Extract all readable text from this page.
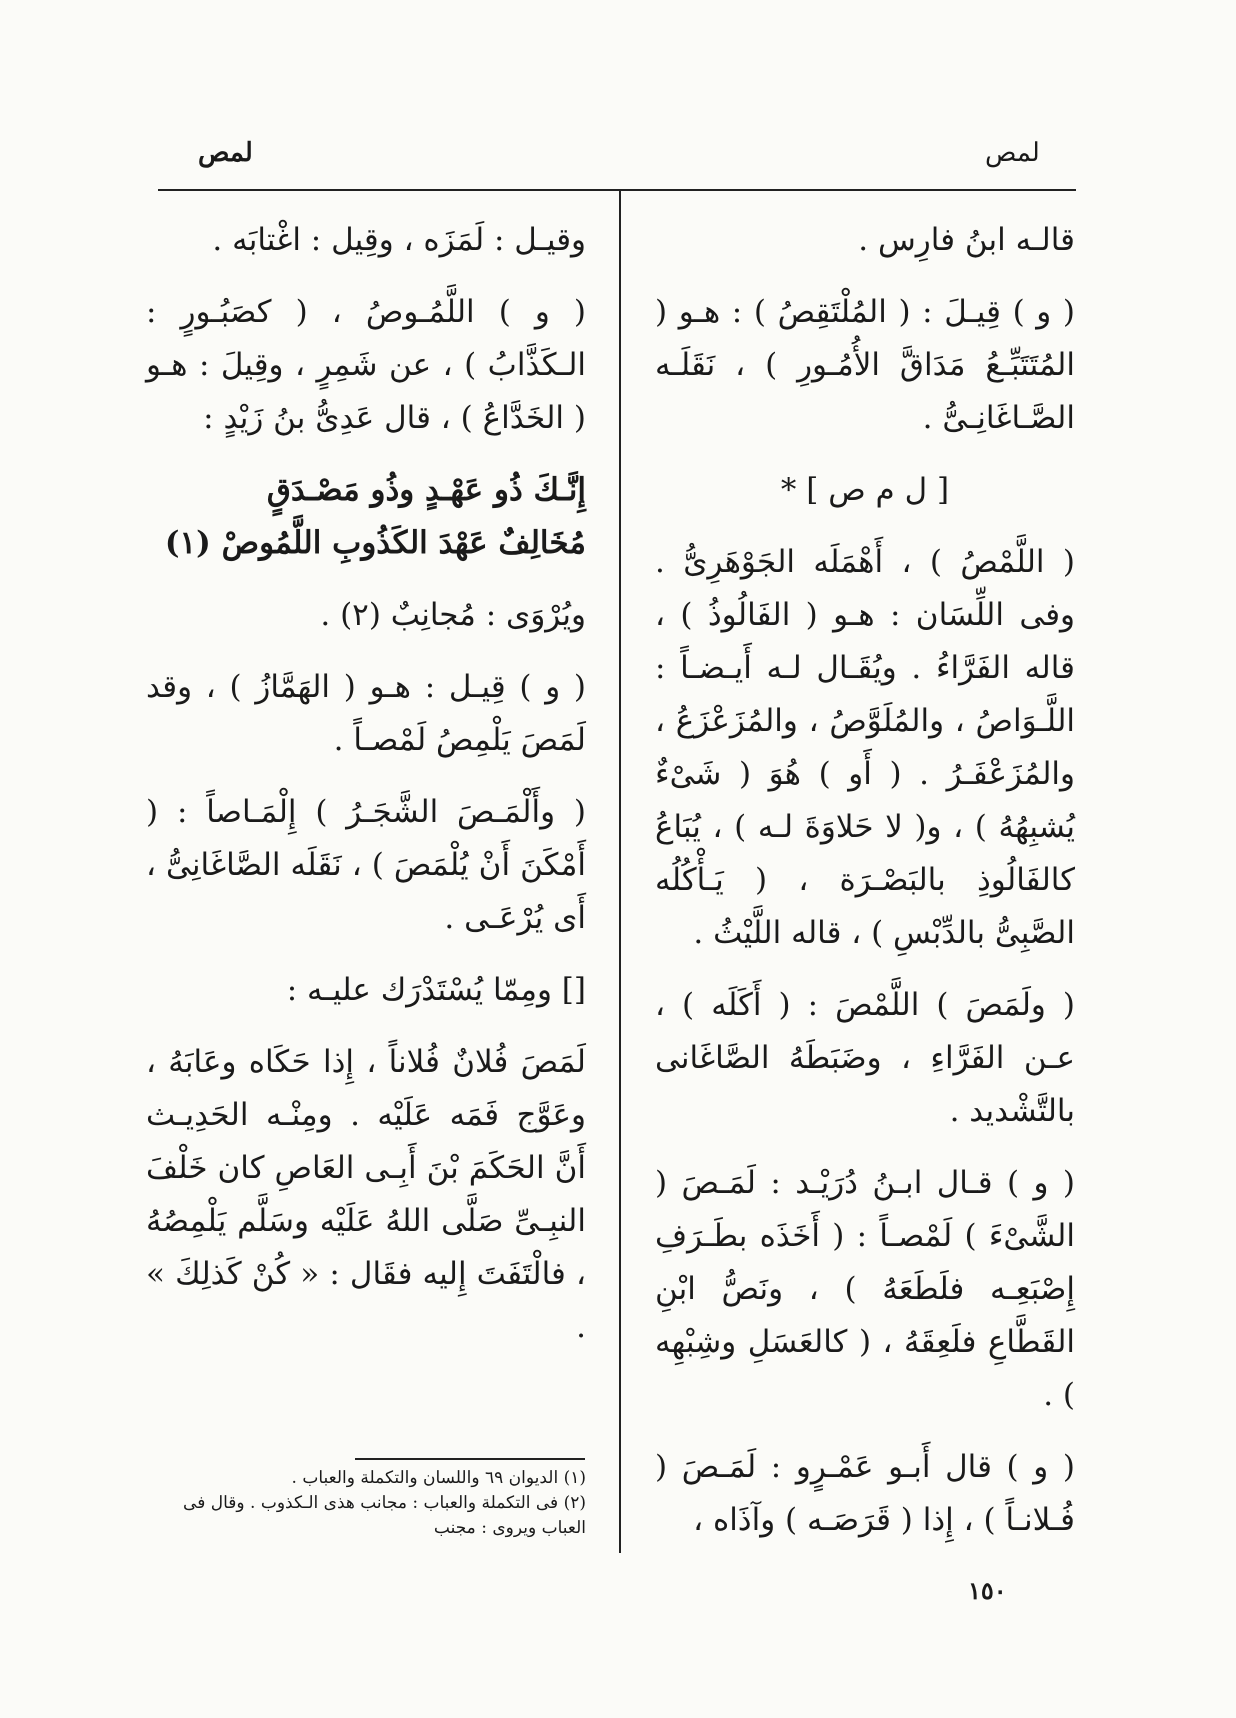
لمص	لمص

قالـه ابنُ فارِس .

( و ) قِيـلَ : ( المُلْتَقِصُ ) : هـو ( المُتَتَبِّـعُ مَدَاقَّ الأُمُـورِ ) ، نَقَلَـه الصَّـاغَانِـىُّ .

[ ل م ص ] *

( اللَّمْصُ ) ، أَهْمَلَه الجَوْهَرِىُّ . وفى اللِّسَان : هـو ( الفَالُوذُ ) ، قاله الفَرَّاءُ . ويُقَـال لـه أَيـضـاً : اللَّـوَاصُ ، والمُلَوَّصُ ، والمُزَعْزَعُ ، والمُزَعْفَـرُ . ( أَو ) هُوَ ( شَىْءٌ يُشبِهُهُ ) ، و( لا حَلاوَةَ لـه ) ، يُبَاعُ كالفَالُوذِ بالبَصْـرَة ، ( يَـأْكُلُه الصَّبِىُّ بالدِّبْسِ ) ، قاله اللَّيْثُ .

( ولَمَصَ ) اللَّمْصَ : ( أَكَلَه ) ، عـن الفَرَّاءِ ، وضَبَطَهُ الصَّاغَانى بالتَّشْديد .

( و ) قـال ابـنُ دُرَيْـد : لَمَـصَ ( الشَّىْءَ ) لَمْصـاً : ( أَخَذَه بطَـرَفِ إِصْبَعِـه فلَطَعَهُ ) ، ونَصُّ ابْنِ القَطَّاعِ فلَعِقَهُ ، ( كالعَسَلِ وشِبْهِه ) .

( و ) قال أَبـو عَمْـرٍو : لَمَـصَ ( فُـلانـاً ) ، إِذا ( قَرَصَـه ) وآذَاه ،

وقيـل : لَمَزَه ، وقِيل : اغْتابَه .

( و ) اللَّمُـوصُ ، ( كصَبُـورٍ : الـكَذَّابُ ) ، عن شَمِرٍ ، وقِيلَ : هـو ( الخَدَّاعُ ) ، قال عَدِىُّ بنُ زَيْدٍ :

إِنَّـكَ ذُو عَهْـدٍ وذُو مَصْـدَقٍ

مُخَالِفٌ عَهْدَ الكَذُوبِ اللَّمُوصْ (١)

ويُرْوَى : مُجانِبٌ (٢) .

( و ) قِيـل : هـو ( الهَمَّازُ ) ، وقد لَمَصَ يَلْمِصُ لَمْصـاً .

( وأَلْمَـصَ الشَّجَـرُ ) إِلْمَـاصاً : ( أَمْكَنَ أَنْ يُلْمَصَ ) ، نَقَلَه الصَّاغَانِىُّ ، أَى يُرْعَـى .

[] ومِمّا يُسْتَدْرَك عليـه :

لَمَصَ فُلانٌ فُلاناً ، إِذا حَكَاه وعَابَهُ ، وعَوَّج فَمَه عَلَيْه . ومِنْـه الحَدِيـث أَنَّ الحَكَمَ بْنَ أَبِـى العَاصِ كان خَلْفَ النبِـىِّ صَلَّى اللهُ عَلَيْه وسَلَّم يَلْمِصُهُ ، فالْتَفَتَ إِليه فقَال : « كُنْ كَذلِكَ » .

(١) الديوان ٦٩ واللسان والتكملة والعباب .
(٢) فى التكملة والعباب : مجانب هذى الـكذوب . وقال فى العباب ويروى : مجنب
١٥٠
